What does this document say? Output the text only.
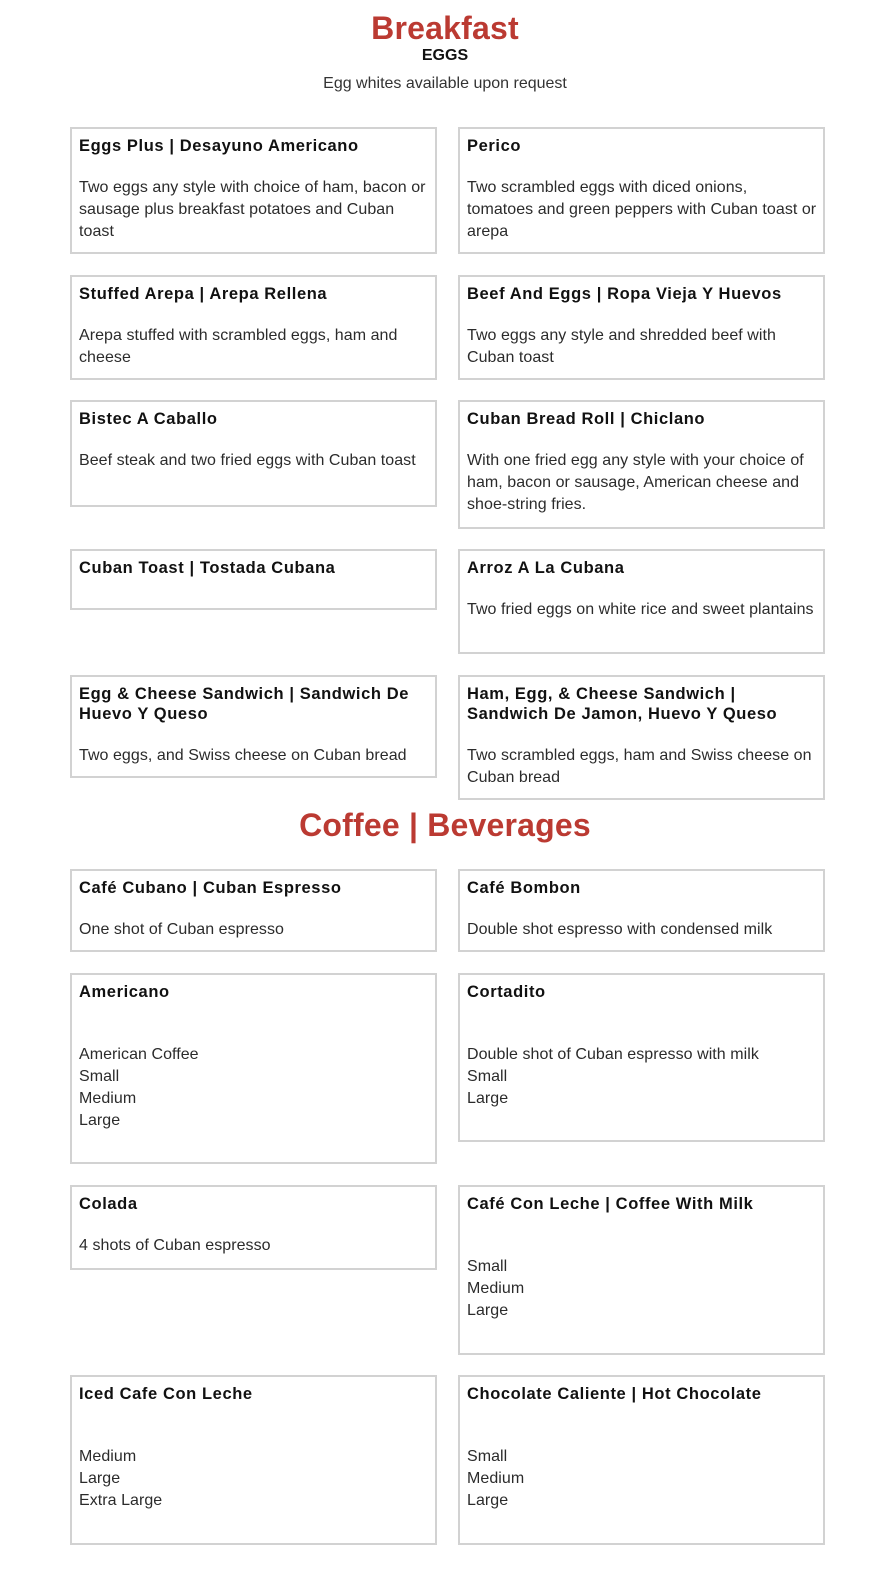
Breakfast
EGGS

Egg whites available upon request

Eggs Plus | Desayuno Americano

Two eggs any style with choice of ham, bacon or sausage plus breakfast potatoes and Cuban toast

Perico

Two scrambled eggs with diced onions, tomatoes and green peppers with Cuban toast or arepa

Stuffed Arepa | Arepa Rellena

Arepa stuffed with scrambled eggs, ham and cheese

Beef And Eggs | Ropa Vieja Y Huevos

Two eggs any style and shredded beef with Cuban toast

Bistec A Caballo

Beef steak and two fried eggs with Cuban toast

Cuban Bread Roll | Chiclano

With one fried egg any style with your choice of ham, bacon or sausage, American cheese and shoe-string fries.

Cuban Toast | Tostada Cubana	Arroz A La Cubana

Two fried eggs on white rice and sweet plantains

Egg & Cheese Sandwich | Sandwich De Huevo Y Queso

Two eggs, and Swiss cheese on Cuban bread

Ham, Egg, & Cheese Sandwich | Sandwich De Jamon, Huevo Y Queso

Two scrambled eggs, ham and Swiss cheese on Cuban bread

Coffee | Beverages
Café Cubano | Cuban Espresso

One shot of Cuban espresso

Café Bombon

Double shot espresso with condensed milk

Americano

American Coffee
Small
Medium
Large

Cortadito

Double shot of Cuban espresso with milk
Small
Large

Colada

4 shots of Cuban espresso

Café Con Leche | Coffee With Milk

Small
Medium
Large

Iced Cafe Con Leche

Medium
Large
Extra Large

Chocolate Caliente | Hot Chocolate

Small
Medium
Large
